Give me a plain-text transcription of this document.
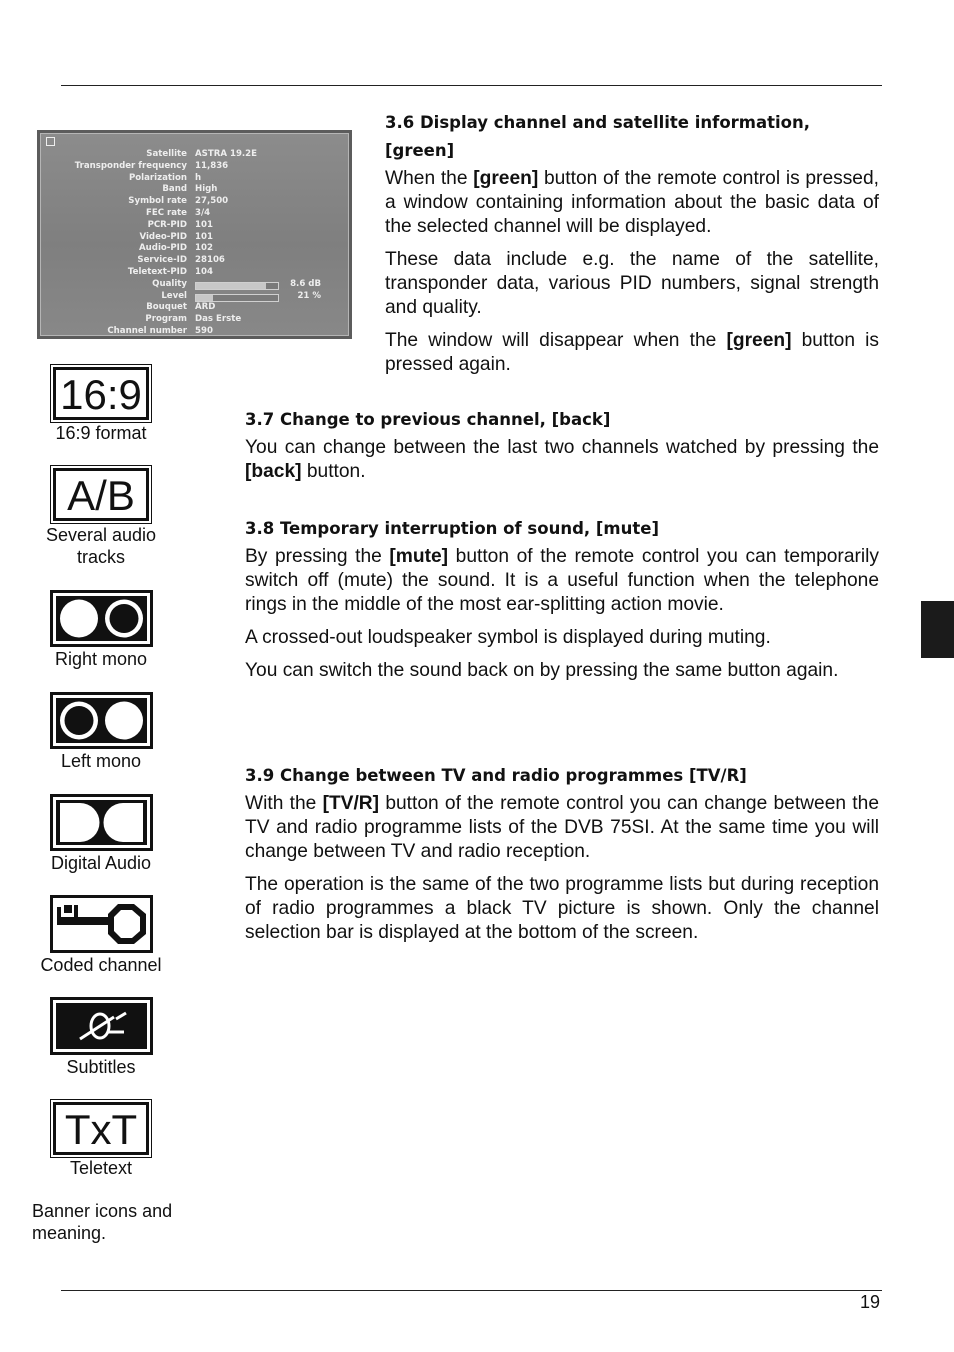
Satellite ASTRA 19.2E
Transponder frequency 11,836
Polarization h
Band High
Symbol rate 27,500
FEC rate 3/4
PCR-PID 101
Video-PID 101
Audio-PID 102
Service-ID 28106
Teletext-PID 104
Quality	8.6 dB
Level	21 %
Bouquet ARD
Program Das Erste
Channel number 590
3.6 Display channel and satellite information, [green]

When the [green] button of the remote control is pressed, a window containing information about the basic data of the selected channel will be displayed.

These data include e.g. the name of the satellite, transponder data, various PID numbers, signal strength and quality.

The window will disappear when the [green] button is pressed again.

3.7 Change to previous channel, [back]

You can change between the last two channels watched by pressing the [back] button.

3.8 Temporary interruption of sound, [mute]

By pressing the [mute] button of the remote control you can temporarily switch off (mute) the sound. It is a useful function when the telephone rings in the middle of the most ear-splitting action movie.

A crossed-out loudspeaker symbol is displayed during muting.

You can switch the sound back on by pressing the same button again.

3.9 Change between TV and radio programmes [TV/R]

With the [TV/R] button of the remote control you can change between the TV and radio programme lists of the DVB 75SI. At the same time you will change between TV and radio reception.

The operation is the same of the two programme lists but during reception of radio programmes a black TV picture is shown. Only the channel selection bar is displayed at the bottom of the screen.

16:9
16:9 format
A/B
Several audio tracks
Right mono
Left mono
Digital Audio
Coded channel
Subtitles
TxT
Teletext
Banner icons and meaning.
19
